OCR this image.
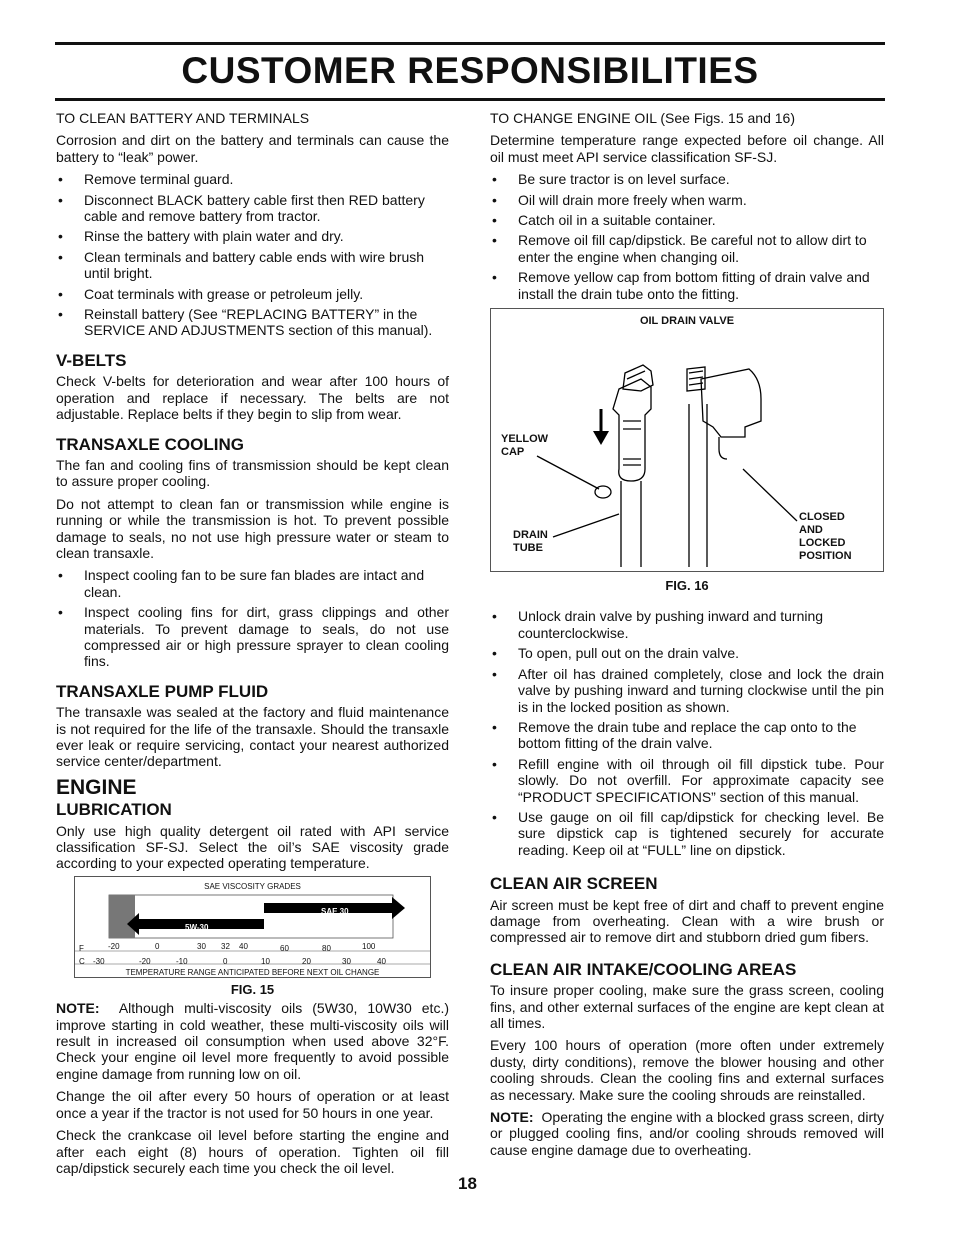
CUSTOMER RESPONSIBILITIES

TO CLEAN BATTERY AND TERMINALS

Corrosion and dirt on the battery and terminals can cause the battery to “leak” power.

• Remove terminal guard.
• Disconnect BLACK battery cable first then RED battery cable and remove battery from tractor.
• Rinse the battery with plain water and dry.
• Clean terminals and battery cable ends with wire brush until bright.
• Coat terminals with grease or petroleum jelly.
• Reinstall battery (See “REPLACING BATTERY” in the SERVICE AND ADJUSTMENTS section of this manual).
V-BELTS

Check V-belts for deterioration and wear after 100 hours of operation and replace if necessary. The belts are not adjustable. Replace belts if they begin to slip from wear.

TRANSAXLE COOLING

The fan and cooling fins of transmission should be kept clean to assure proper cooling.

Do not attempt to clean fan or transmission while engine is running or while the transmission is hot. To prevent possible damage to seals, no not use high pressure water or steam to clean transaxle.

• Inspect cooling fan to be sure fan blades are intact and clean.
• Inspect cooling fins for dirt, grass clippings and other materials. To prevent damage to seals, do not use compressed air or high pressure sprayer to clean cooling fins.
TRANSAXLE PUMP FLUID

The transaxle was sealed at the factory and fluid maintenance is not required for the life of the transaxle. Should the transaxle ever leak or require servicing, contact your nearest authorized service center/department.

ENGINE
LUBRICATION

Only use high quality detergent oil rated with API service classification SF-SJ. Select the oil’s SAE viscosity grade according to your expected operating temperature.

SAE VISCOSITY GRADES
SAE 30
5W-30
F	-20	0	30 32 40	60	80	100
C -30	-20	-10	0	10	20	30	40
TEMPERATURE RANGE ANTICIPATED BEFORE NEXT OIL CHANGE
FIG. 15

NOTE: Although multi-viscosity oils (5W30, 10W30 etc.) improve starting in cold weather, these multi-viscosity oils will result in increased oil consumption when used above 32°F. Check your engine oil level more frequently to avoid possible engine damage from running low on oil.

Change the oil after every 50 hours of operation or at least once a year if the tractor is not used for 50 hours in one year.

Check the crankcase oil level before starting the engine and after each eight (8) hours of operation. Tighten oil fill cap/dipstick securely each time you check the oil level.

TO CHANGE ENGINE OIL (See Figs. 15 and 16)

Determine temperature range expected before oil change. All oil must meet API service classification SF-SJ.

• Be sure tractor is on level surface.
• Oil will drain more freely when warm.
• Catch oil in a suitable container.
• Remove oil fill cap/dipstick. Be careful not to allow dirt to enter the engine when changing oil.
• Remove yellow cap from bottom fitting of drain valve and install the drain tube onto the fitting.
OIL DRAIN VALVE
YELLOW
CAP
DRAIN
TUBE
CLOSED
AND
LOCKED
POSITION
FIG. 16
• Unlock drain valve by pushing inward and turning counterclockwise.
• To open, pull out on the drain valve.
• After oil has drained completely, close and lock the drain valve by pushing inward and turning clockwise until the pin is in the locked position as shown.
• Remove the drain tube and replace the cap onto to the bottom fitting of the drain valve.
• Refill engine with oil through oil fill dipstick tube. Pour slowly. Do not overfill. For approximate capacity see “PRODUCT SPECIFICATIONS” section of this manual.
• Use gauge on oil fill cap/dipstick for checking level. Be sure dipstick cap is tightened securely for accurate reading. Keep oil at “FULL” line on dipstick.
CLEAN AIR SCREEN

Air screen must be kept free of dirt and chaff to prevent engine damage from overheating. Clean with a wire brush or compressed air to remove dirt and stubborn dried gum fibers.

CLEAN AIR INTAKE/COOLING AREAS

To insure proper cooling, make sure the grass screen, cooling fins, and other external surfaces of the engine are kept clean at all times.

Every 100 hours of operation (more often under extremely dusty, dirty conditions), remove the blower housing and other cooling shrouds. Clean the cooling fins and external surfaces as necessary. Make sure the cooling shrouds are reinstalled.

NOTE: Operating the engine with a blocked grass screen, dirty or plugged cooling fins, and/or cooling shrouds removed will cause engine damage due to overheating.

18
